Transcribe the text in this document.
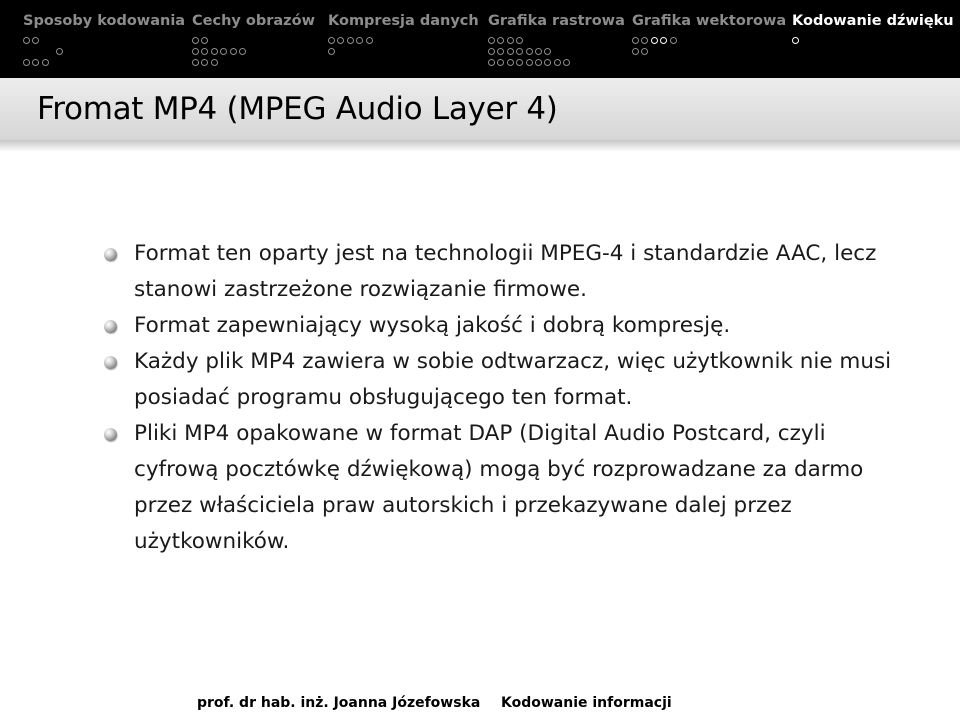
Sposoby kodowania Cechy obrazów Kompresja danych Grafika rastrowa Grafika wektorowa Kodowanie dźwięku
Fromat MP4 (MPEG Audio Layer 4)
Format ten oparty jest na technologii MPEG-4 i standardzie AAC, lecz stanowi zastrzeżone rozwiązanie firmowe.
Format zapewniający wysoką jakość i dobrą kompresję.
Każdy plik MP4 zawiera w sobie odtwarzacz, więc użytkownik nie musi posiadać programu obsługującego ten format.
Pliki MP4 opakowane w format DAP (Digital Audio Postcard, czyli cyfrową pocztówkę dźwiękową) mogą być rozprowadzane za darmo przez właściciela praw autorskich i przekazywane dalej przez użytkowników.
prof. dr hab. inż. Joanna Józefowska Kodowanie informacji
